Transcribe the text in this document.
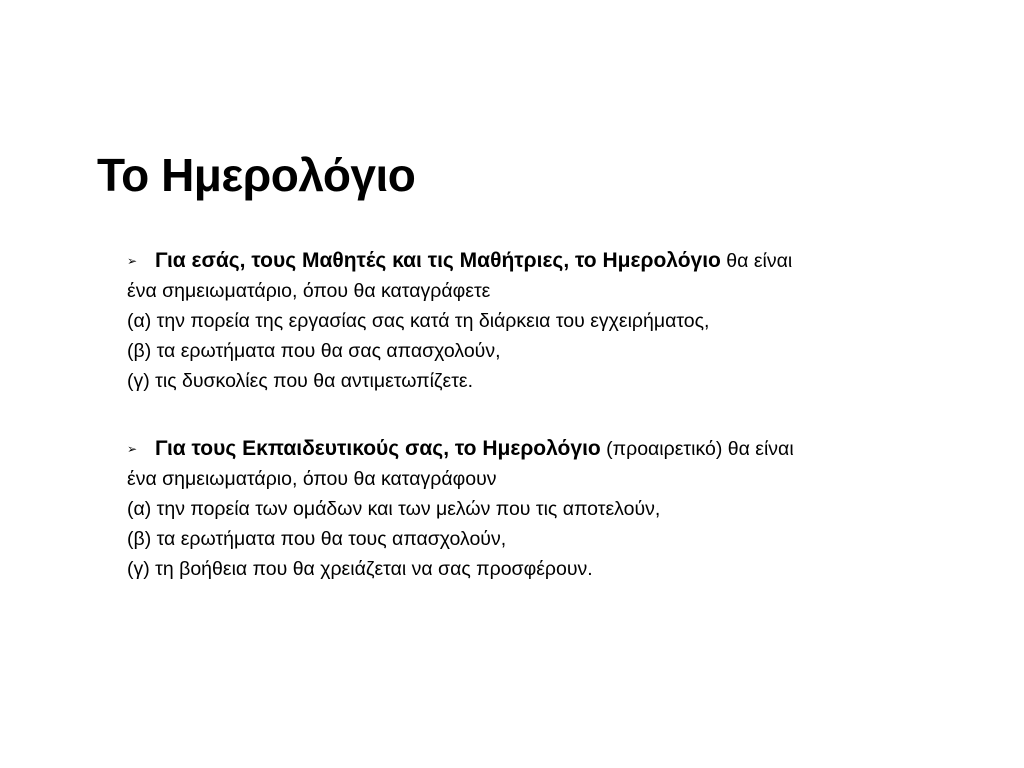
Το Ημερολόγιο
➢ Για εσάς, τους Μαθητές και τις Μαθήτριες, το Ημερολόγιο θα είναι
ένα σημειωματάριο, όπου θα καταγράφετε
(α) την πορεία της εργασίας σας κατά τη διάρκεια του εγχειρήματος,
(β) τα ερωτήματα που θα σας απασχολούν,
(γ) τις δυσκολίες που θα αντιμετωπίζετε.
➢ Για τους Εκπαιδευτικούς σας, το Ημερολόγιο (προαιρετικό) θα είναι
ένα σημειωματάριο, όπου θα καταγράφουν
(α) την πορεία των ομάδων και των μελών που τις αποτελούν,
(β) τα ερωτήματα που θα τους απασχολούν,
(γ) τη βοήθεια που θα χρειάζεται να σας προσφέρουν.
